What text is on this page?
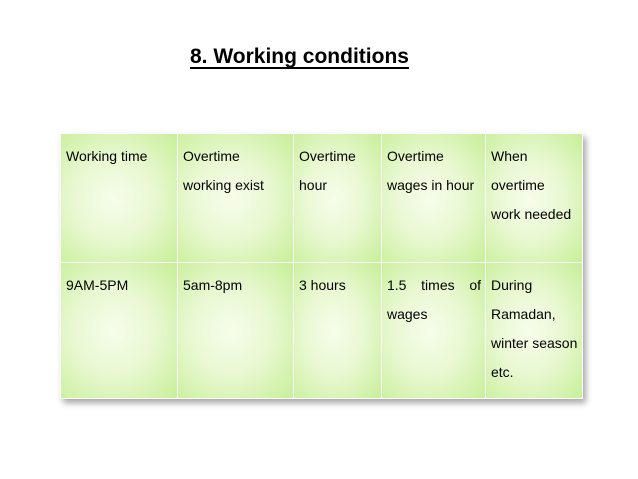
8. Working conditions
Working time	Overtime working exist	Overtime hour	Overtime wages in hour	When overtime work needed
9AM-5PM	5am-8pm	3 hours	1.5 times of wages	During Ramadan, winter season etc.
